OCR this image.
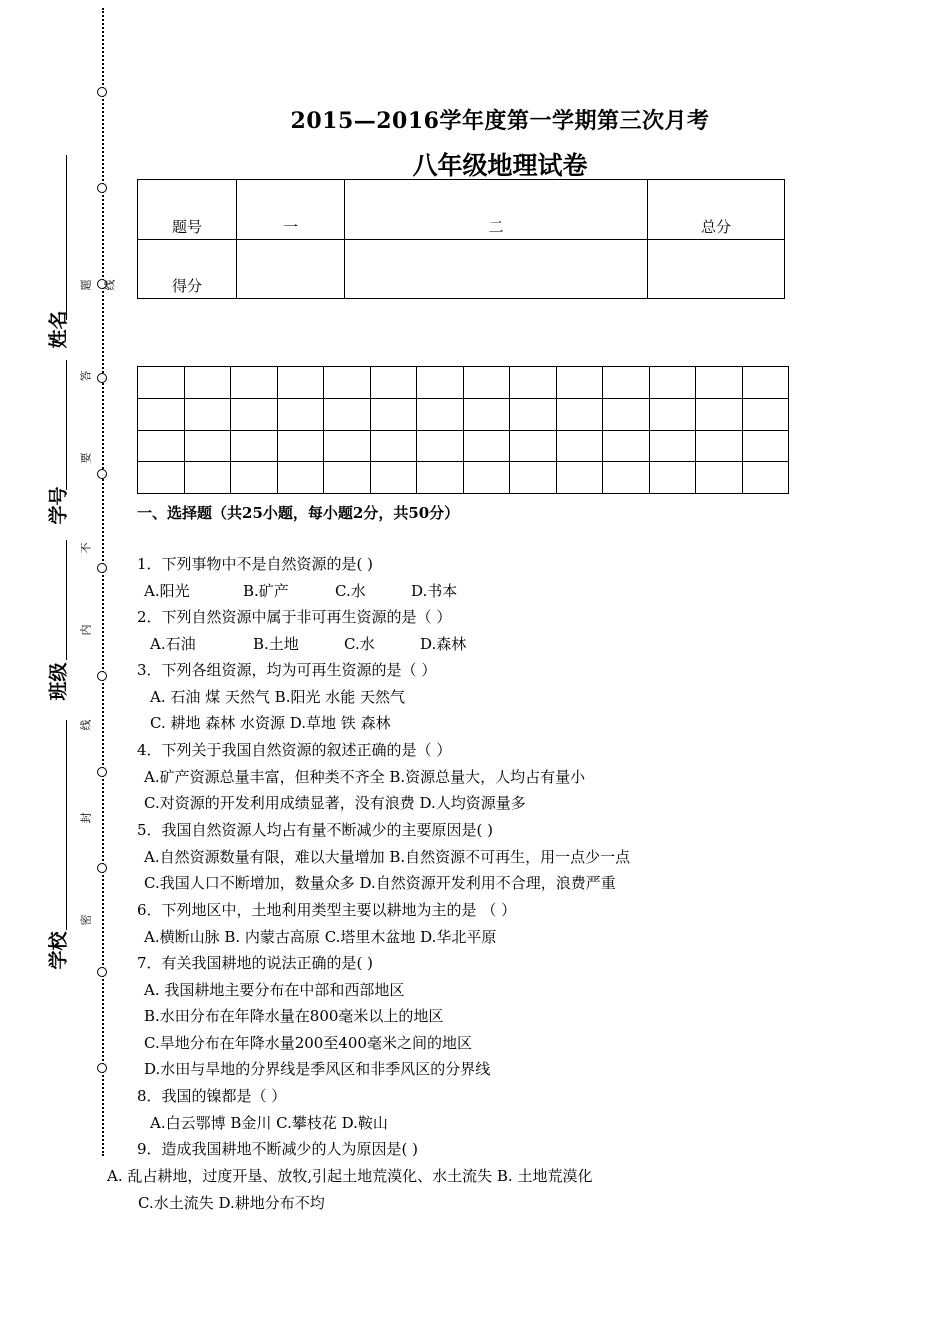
姓名
学号
班级
学校
题 线
答
要
不
内
线
封
密
2015—2016学年度第一学期第三次月考
八年级地理试卷
题号	一	二	总分
得分			

一、选择题（共25小题，每小题2分，共50分）
1．下列事物中不是自然资源的是( )
A.阳光	B.矿产	C.水	D.书本
2．下列自然资源中属于非可再生资源的是（ ）
A.石油	B.土地	C.水	D.森林
3．下列各组资源，均为可再生资源的是（ ）
A. 石油 煤 天然气 B.阳光 水能 天然气
C. 耕地 森林 水资源 D.草地 铁 森林
4．下列关于我国自然资源的叙述正确的是（ ）
A.矿产资源总量丰富，但种类不齐全 B.资源总量大，人均占有量小
C.对资源的开发利用成绩显著，没有浪费 D.人均资源量多
5．我国自然资源人均占有量不断减少的主要原因是( )
A.自然资源数量有限，难以大量增加 B.自然资源不可再生，用一点少一点
C.我国人口不断增加，数量众多 D.自然资源开发利用不合理，浪费严重
6．下列地区中，土地利用类型主要以耕地为主的是 （ ）
A.横断山脉 B. 内蒙古高原 C.塔里木盆地 D.华北平原
7．有关我国耕地的说法正确的是( )
A. 我国耕地主要分布在中部和西部地区
B.水田分布在年降水量在800毫米以上的地区
C.旱地分布在年降水量200至400毫米之间的地区
D.水田与旱地的分界线是季风区和非季风区的分界线
8．我国的镍都是（ ）
A.白云鄂博 B金川 C.攀枝花 D.鞍山
9．造成我国耕地不断减少的人为原因是( )
A. 乱占耕地，过度开垦、放牧,引起土地荒漠化、水土流失 B. 土地荒漠化
C.水土流失 D.耕地分布不均
